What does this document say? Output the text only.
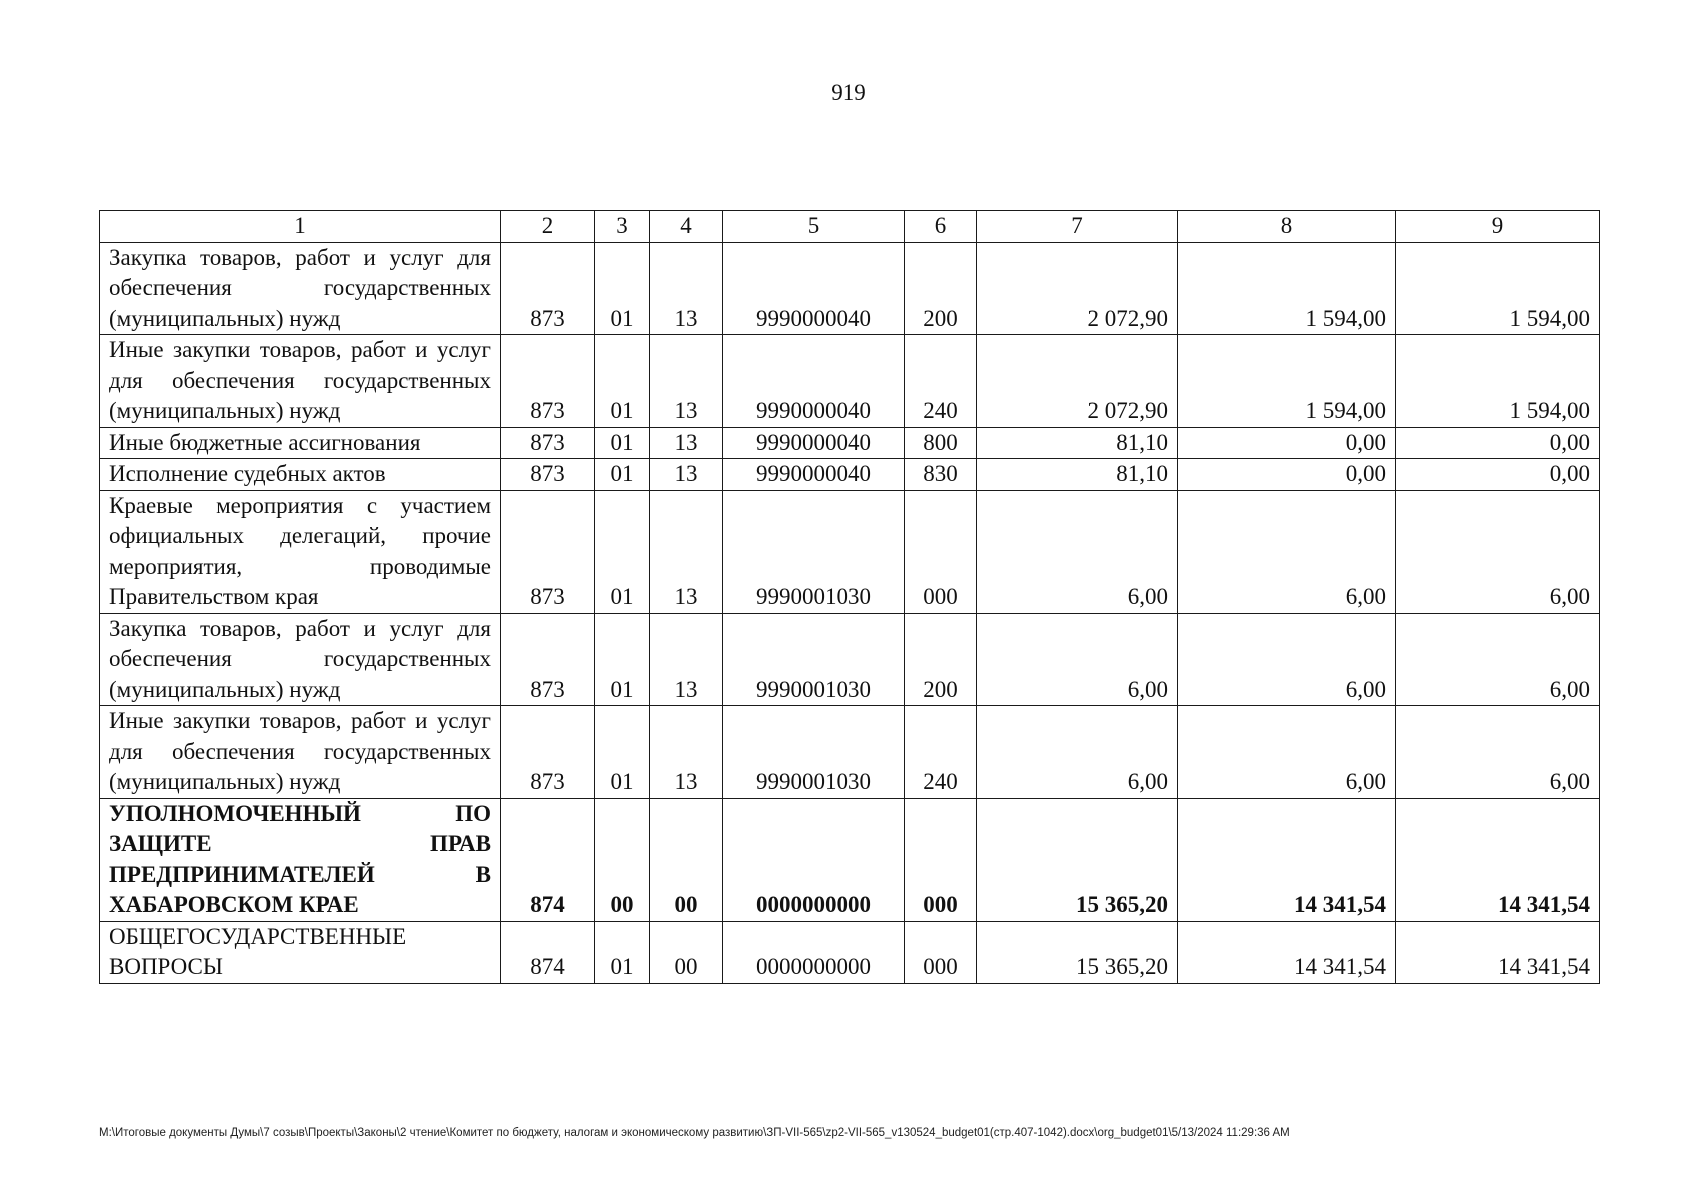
919
1	2	3	4	5	6	7	8	9
Закупка товаров, работ и услуг для обеспечения государственных (муниципальных) нужд	873	01	13	9990000040	200	2 072,90	1 594,00	1 594,00
Иные закупки товаров, работ и услуг для обеспечения государственных (муниципальных) нужд	873	01	13	9990000040	240	2 072,90	1 594,00	1 594,00
Иные бюджетные ассигнования	873	01	13	9990000040	800	81,10	0,00	0,00
Исполнение судебных актов	873	01	13	9990000040	830	81,10	0,00	0,00
Краевые мероприятия с участием официальных делегаций, прочие мероприятия, проводимые Правительством края	873	01	13	9990001030	000	6,00	6,00	6,00
Закупка товаров, работ и услуг для обеспечения государственных (муниципальных) нужд	873	01	13	9990001030	200	6,00	6,00	6,00
Иные закупки товаров, работ и услуг для обеспечения государственных (муниципальных) нужд	873	01	13	9990001030	240	6,00	6,00	6,00
УПОЛНОМОЧЕННЫЙ ПО ЗАЩИТЕ ПРАВ ПРЕДПРИНИМАТЕЛЕЙ В ХАБАРОВСКОМ КРАЕ	874	00	00	0000000000	000	15 365,20	14 341,54	14 341,54
ОБЩЕГОСУДАРСТВЕННЫЕ ВОПРОСЫ	874	01	00	0000000000	000	15 365,20	14 341,54	14 341,54
М:\Итоговые документы Думы\7 созыв\Проекты\Законы\2 чтение\Комитет по бюджету, налогам и экономическому развитию\ЗП-VII-565\zp2-VII-565_v130524_budget01(стр.407-1042).docx\org_budget01\5/13/2024 11:29:36 AM
